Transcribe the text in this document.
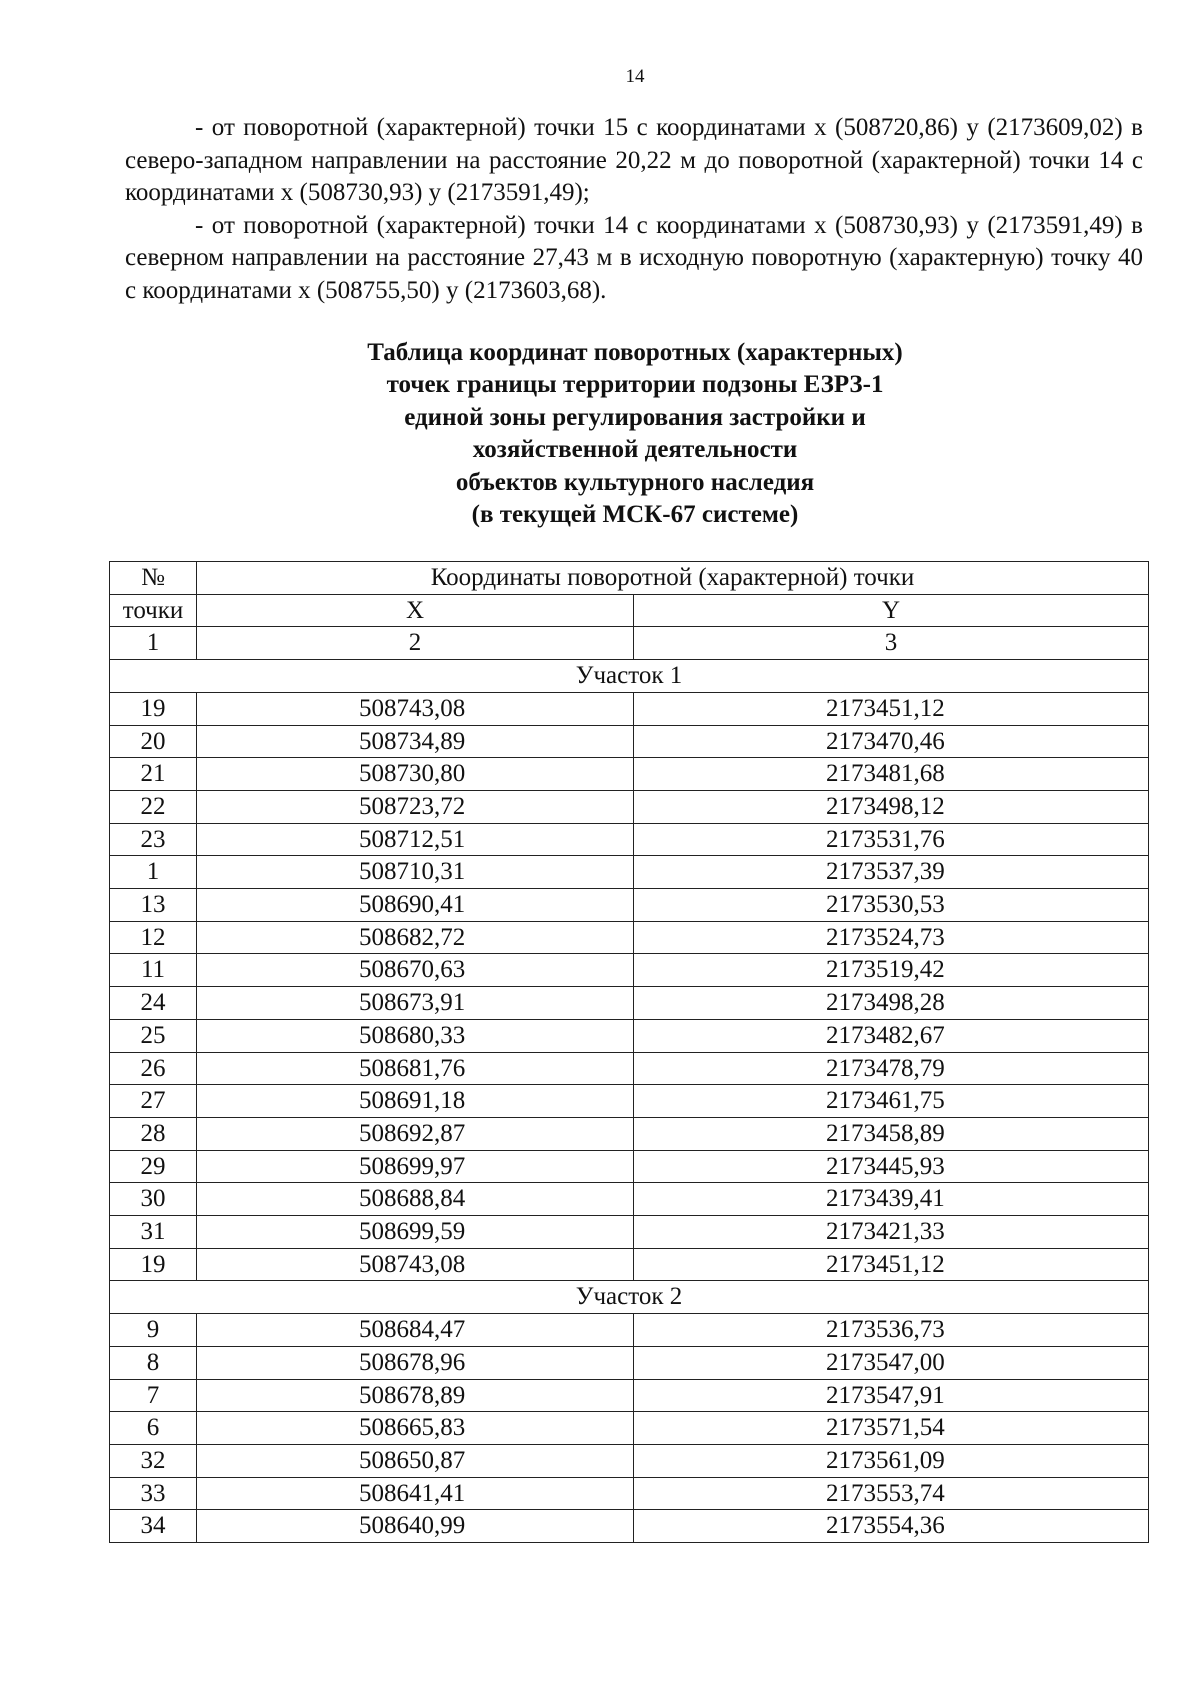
14

- от поворотной (характерной) точки 15 с координатами х (508720,86) у (2173609,02) в северо-западном направлении на расстояние 20,22 м до поворотной (характерной) точки 14 с координатами х (508730,93) у (2173591,49);

- от поворотной (характерной) точки 14 с координатами х (508730,93) у (2173591,49) в северном направлении на расстояние 27,43 м в исходную поворотную (характерную) точку 40 с координатами х (508755,50) у (2173603,68).

Таблица координат поворотных (характерных)
точек границы территории подзоны ЕЗРЗ-1
единой зоны регулирования застройки и
хозяйственной деятельности
объектов культурного наследия
(в текущей МСК-67 системе)
№	Координаты поворотной (характерной) точки	
точки	X	Y
1	2	3
Участок 1		
19	508743,08	2173451,12
20	508734,89	2173470,46
21	508730,80	2173481,68
22	508723,72	2173498,12
23	508712,51	2173531,76
1	508710,31	2173537,39
13	508690,41	2173530,53
12	508682,72	2173524,73
11	508670,63	2173519,42
24	508673,91	2173498,28
25	508680,33	2173482,67
26	508681,76	2173478,79
27	508691,18	2173461,75
28	508692,87	2173458,89
29	508699,97	2173445,93
30	508688,84	2173439,41
31	508699,59	2173421,33
19	508743,08	2173451,12
Участок 2		
9	508684,47	2173536,73
8	508678,96	2173547,00
7	508678,89	2173547,91
6	508665,83	2173571,54
32	508650,87	2173561,09
33	508641,41	2173553,74
34	508640,99	2173554,36
